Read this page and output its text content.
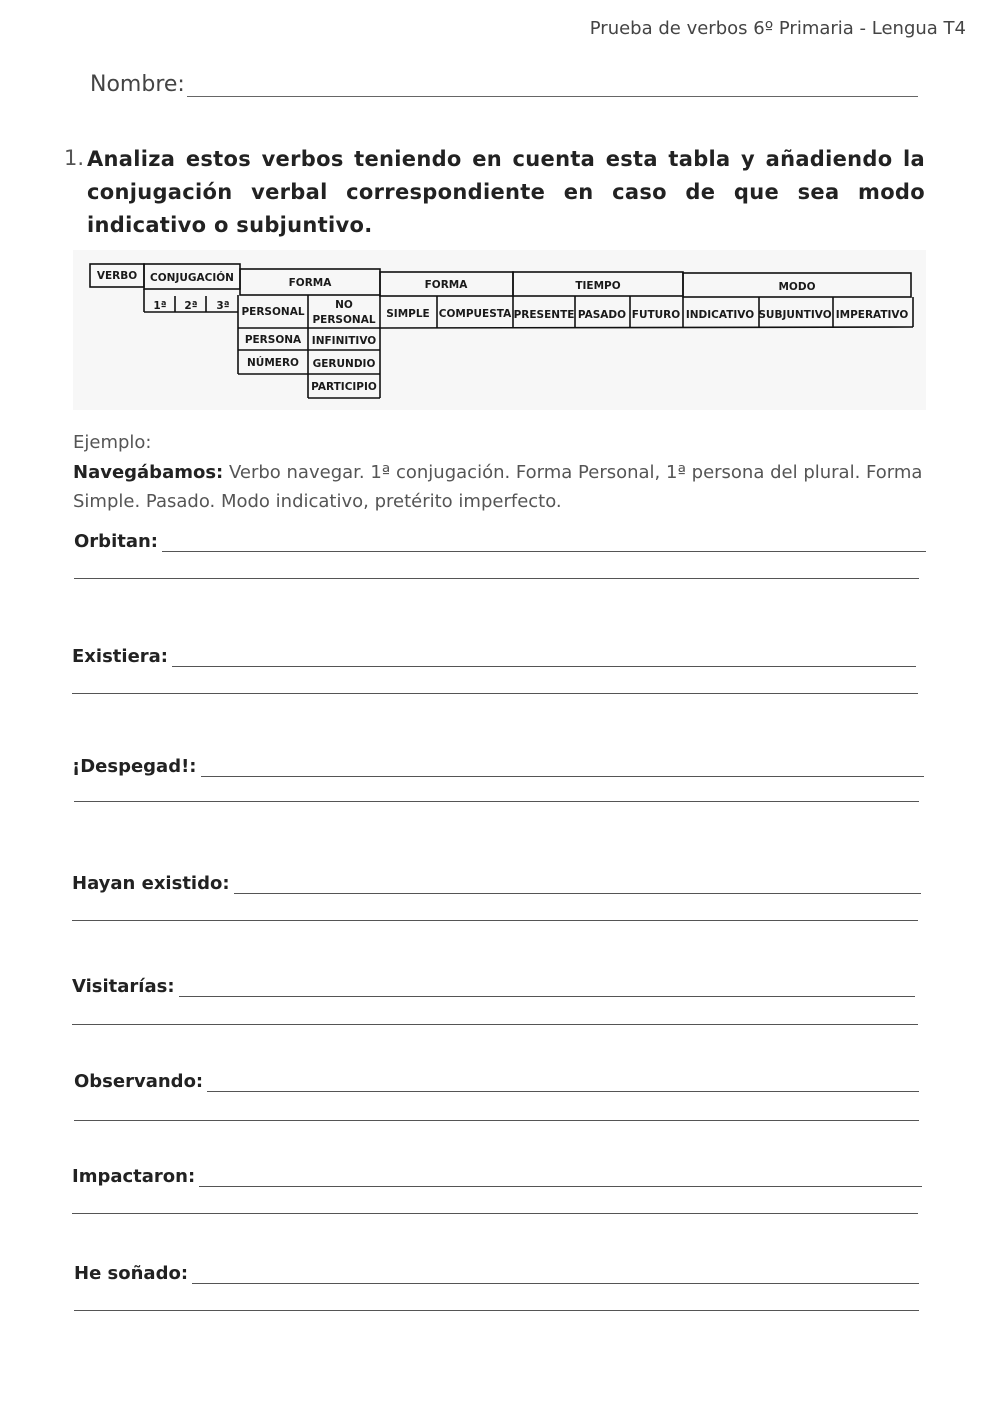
Prueba de verbos 6º Primaria - Lengua T4
Nombre:
1. Analiza estos verbos teniendo en cuenta esta tabla y añadiendo la conjugación verbal correspondiente en caso de que sea modo indicativo o subjuntivo.
VERBO CONJUGACIÓN
1ª 2ª 3ª
FORMA
PERSONAL
NO
PERSONAL
PERSONA
NÚMERO
INFINITIVO
GERUNDIO
PARTICIPIO
FORMA
SIMPLE COMPUESTA
TIEMPO
PRESENTE PASADO FUTURO
MODO
INDICATIVO SUBJUNTIVO IMPERATIVO
Ejemplo:
Navegábamos: Verbo navegar. 1ª conjugación. Forma Personal, 1ª persona del plural. Forma Simple. Pasado. Modo indicativo, pretérito imperfecto.
Orbitan:
Existiera:
¡Despegad!:
Hayan existido:
Visitarías:
Observando:
Impactaron:
He soñado:
